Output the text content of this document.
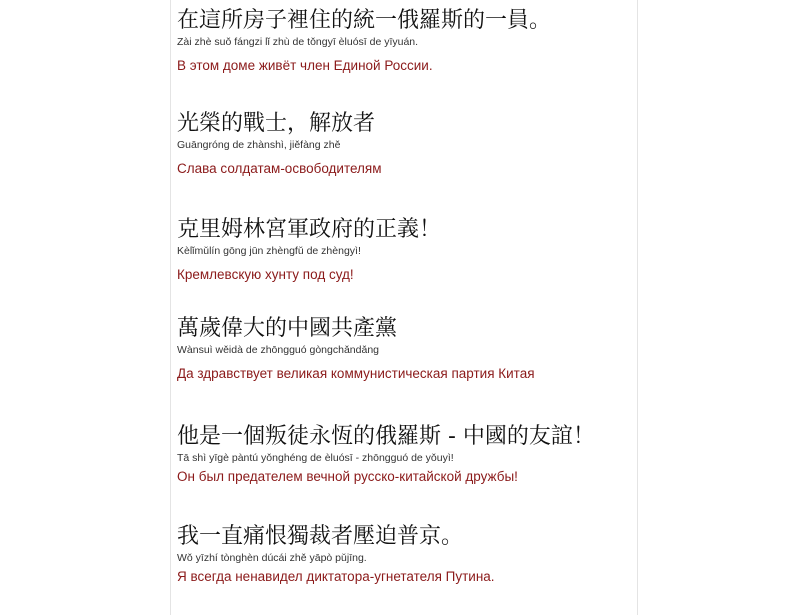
在這所房子裡住的統一俄羅斯的一員。
Zài zhè suǒ fángzi lǐ zhù de tǒngyī èluósī de yīyuán.
В этом доме живёт член Единой России.
光榮的戰士，解放者
Guāngróng de zhànshì, jiěfàng zhě
Слава солдатам-освободителям
克里姆林宮軍政府的正義！
Kèlǐmǔlín gōng jūn zhèngfǔ de zhèngyì!
Кремлевскую хунту под суд!
萬歲偉大的中國共產黨
Wànsuì wěidà de zhōngguó gòngchǎndǎng
Да здравствует великая коммунистическая партия Китая
他是一個叛徒永恆的俄羅斯 - 中國的友誼！
Tā shì yīgè pàntú yǒnghéng de èluósī - zhōngguó de yǒuyì!
Он был предателем вечной русско-китайской дружбы!
我一直痛恨獨裁者壓迫普京。
Wǒ yīzhí tònghèn dúcái zhě yāpò pǔjīng.
Я всегда ненавидел диктатора-угнетателя Путина.
